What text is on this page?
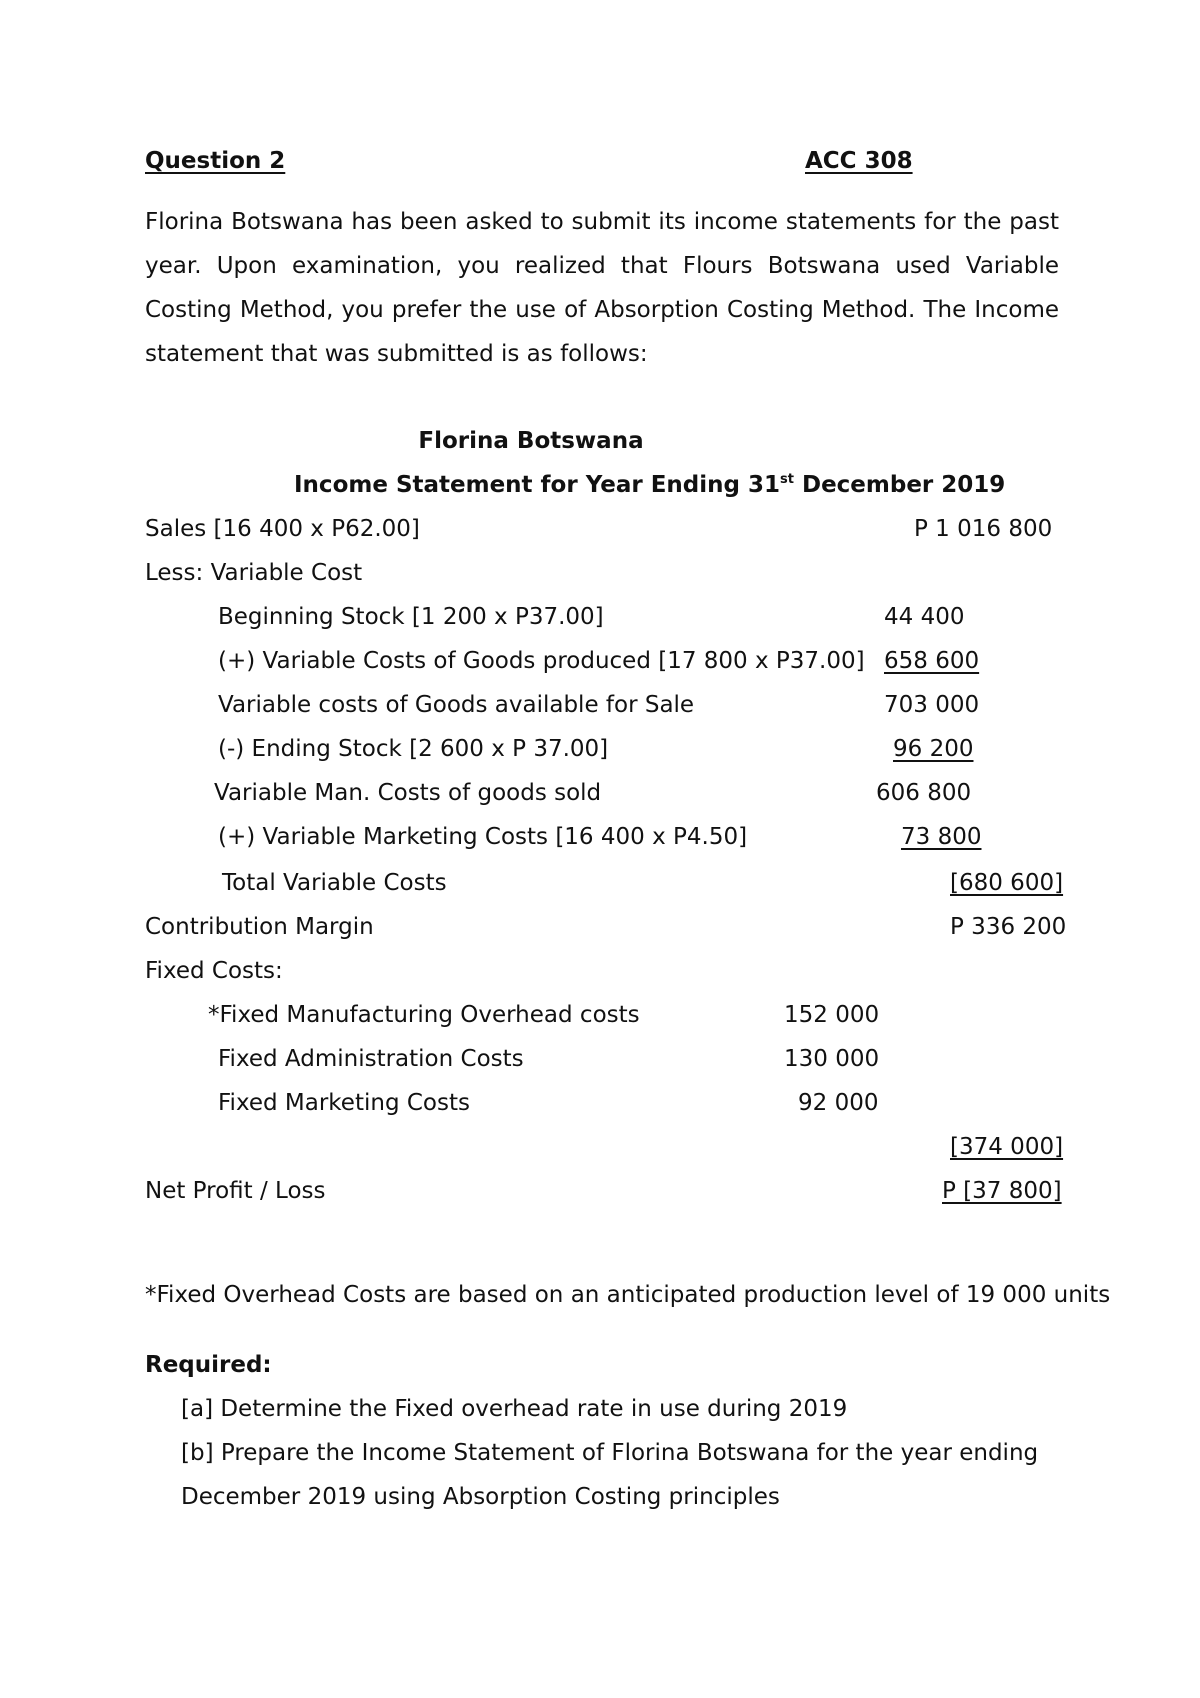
Question 2	ACC 308
Florina Botswana has been asked to submit its income statements for the past year. Upon examination, you realized that Flours Botswana used Variable Costing Method, you prefer the use of Absorption Costing Method. The Income statement that was submitted is as follows:
Florina Botswana
Income Statement for Year Ending 31st December 2019
Sales [16 400 x P62.00]	P 1 016 800
Less: Variable Cost
Beginning Stock [1 200 x P37.00]	44 400
(+) Variable Costs of Goods produced [17 800 x P37.00] 658 600
Variable costs of Goods available for Sale	703 000
(-) Ending Stock [2 600 x P 37.00]	96 200
Variable Man. Costs of goods sold	606 800
(+) Variable Marketing Costs [16 400 x P4.50]	73 800
Total Variable Costs	[680 600]
Contribution Margin	P 336 200
Fixed Costs:
*Fixed Manufacturing Overhead costs	152 000
Fixed Administration Costs	130 000
Fixed Marketing Costs	92 000
[374 000]
Net Profit / Loss	P [37 800]
*Fixed Overhead Costs are based on an anticipated production level of 19 000 units
Required:
[a] Determine the Fixed overhead rate in use during 2019
[b] Prepare the Income Statement of Florina Botswana for the year ending
December 2019 using Absorption Costing principles
